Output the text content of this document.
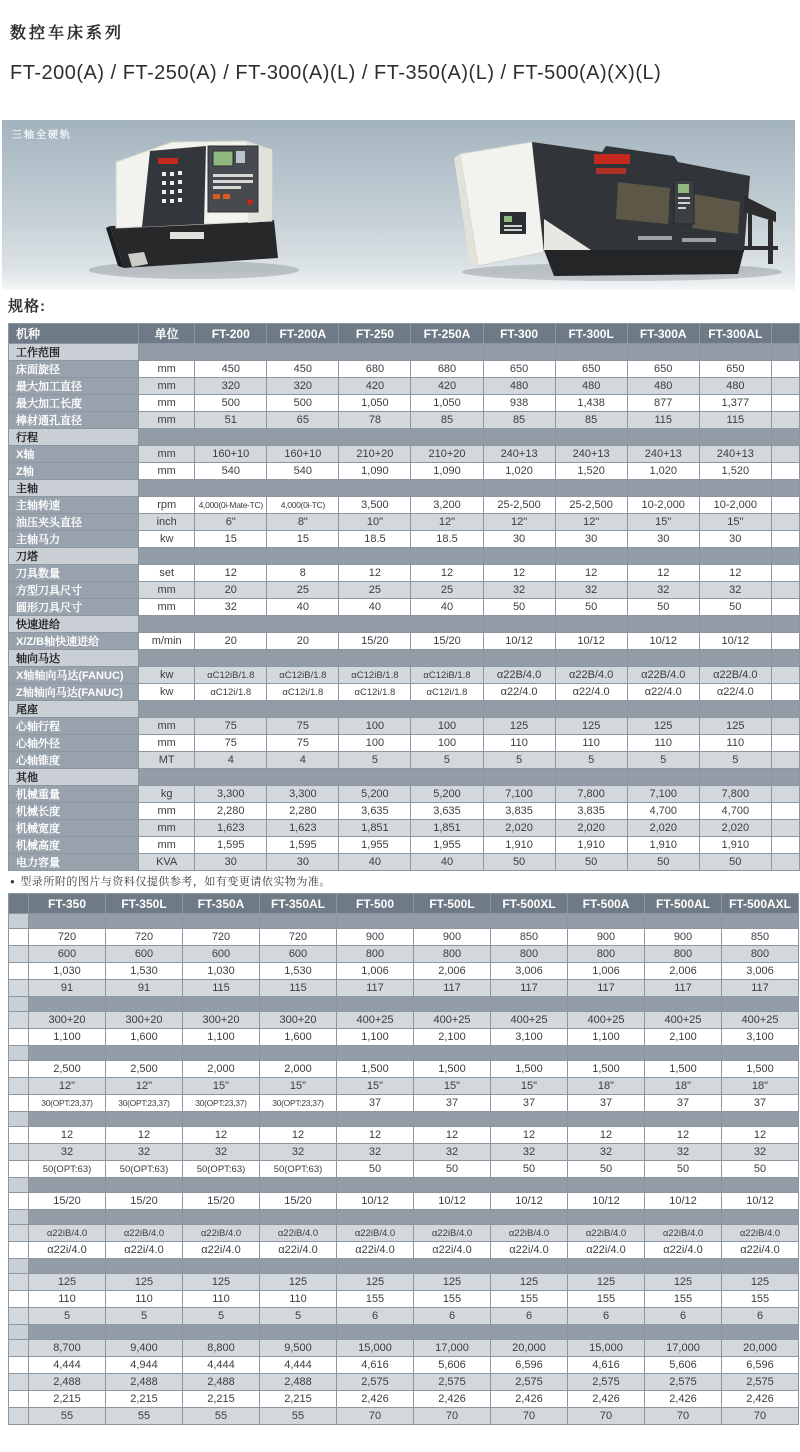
数控车床系列
FT-200(A) / FT-250(A) / FT-300(A)(L) / FT-350(A)(L) / FT-500(A)(X)(L)
三轴全硬轨
规格:
机种	单位	FT-200	FT-200A	FT-250	FT-250A	FT-300	FT-300L	FT-300A	FT-300AL	
工作范围										
床面旋径	mm	450	450	680	680	650	650	650	650	
最大加工直径	mm	320	320	420	420	480	480	480	480	
最大加工长度	mm	500	500	1,050	1,050	938	1,438	877	1,377	
棒材通孔直径	mm	51	65	78	85	85	85	115	115	
行程										
X轴	mm	160+10	160+10	210+20	210+20	240+13	240+13	240+13	240+13	
Z轴	mm	540	540	1,090	1,090	1,020	1,520	1,020	1,520	
主轴										
主轴转速	rpm	4,000(0i-Mate-TC)	4,000(0i-TC)	3,500	3,200	25-2,500	25-2,500	10-2,000	10-2,000	
油压夹头直径	inch	6"	8"	10"	12"	12"	12"	15"	15"	
主轴马力	kw	15	15	18.5	18.5	30	30	30	30	
刀塔										
刀具数量	set	12	8	12	12	12	12	12	12	
方型刀具尺寸	mm	20	25	25	25	32	32	32	32	
圆形刀具尺寸	mm	32	40	40	40	50	50	50	50	
快速进给										
X/Z/B轴快速进给	m/min	20	20	15/20	15/20	10/12	10/12	10/12	10/12	
轴向马达										
X轴轴向马达(FANUC)	kw	αC12iB/1.8	αC12iB/1.8	αC12iB/1.8	αC12iB/1.8	α22B/4.0	α22B/4.0	α22B/4.0	α22B/4.0	
Z轴轴向马达(FANUC)	kw	αC12i/1.8	αC12i/1.8	αC12i/1.8	αC12i/1.8	α22/4.0	α22/4.0	α22/4.0	α22/4.0	
尾座										
心轴行程	mm	75	75	100	100	125	125	125	125	
心轴外径	mm	75	75	100	100	110	110	110	110	
心轴锥度	MT	4	4	5	5	5	5	5	5	
其他										
机械重量	kg	3,300	3,300	5,200	5,200	7,100	7,800	7,100	7,800	
机械长度	mm	2,280	2,280	3,635	3,635	3,835	3,835	4,700	4,700	
机械宽度	mm	1,623	1,623	1,851	1,851	2,020	2,020	2,020	2,020	
机械高度	mm	1,595	1,595	1,955	1,955	1,910	1,910	1,910	1,910	
电力容量	KVA	30	30	40	40	50	50	50	50	
● 型录所附的图片与资料仅提供参考，如有变更请依实物为准。
	FT-350	FT-350L	FT-350A	FT-350AL	FT-500	FT-500L	FT-500XL	FT-500A	FT-500AL	FT-500AXL

	720	720	720	720	900	900	850	900	900	850
	600	600	600	600	800	800	800	800	800	800
	1,030	1,530	1,030	1,530	1,006	2,006	3,006	1,006	2,006	3,006
	91	91	115	115	117	117	117	117	117	117

	300+20	300+20	300+20	300+20	400+25	400+25	400+25	400+25	400+25	400+25
	1,100	1,600	1,100	1,600	1,100	2,100	3,100	1,100	2,100	3,100

	2,500	2,500	2,000	2,000	1,500	1,500	1,500	1,500	1,500	1,500
	12"	12"	15"	15"	15"	15"	15"	18"	18"	18"
	30(OPT:23,37)	30(OPT:23,37)	30(OPT:23,37)	30(OPT:23,37)	37	37	37	37	37	37

	12	12	12	12	12	12	12	12	12	12
	32	32	32	32	32	32	32	32	32	32
	50(OPT:63)	50(OPT:63)	50(OPT:63)	50(OPT:63)	50	50	50	50	50	50

	15/20	15/20	15/20	15/20	10/12	10/12	10/12	10/12	10/12	10/12

	α22iB/4.0	α22iB/4.0	α22iB/4.0	α22iB/4.0	α22iB/4.0	α22iB/4.0	α22iB/4.0	α22iB/4.0	α22iB/4.0	α22iB/4.0
	α22i/4.0	α22i/4.0	α22i/4.0	α22i/4.0	α22i/4.0	α22i/4.0	α22i/4.0	α22i/4.0	α22i/4.0	α22i/4.0

	125	125	125	125	125	125	125	125	125	125
	110	110	110	110	155	155	155	155	155	155
	5	5	5	5	6	6	6	6	6	6

	8,700	9,400	8,800	9,500	15,000	17,000	20,000	15,000	17,000	20,000
	4,444	4,944	4,444	4,444	4,616	5,606	6,596	4,616	5,606	6,596
	2,488	2,488	2,488	2,488	2,575	2,575	2,575	2,575	2,575	2,575
	2,215	2,215	2,215	2,215	2,426	2,426	2,426	2,426	2,426	2,426
	55	55	55	55	70	70	70	70	70	70
